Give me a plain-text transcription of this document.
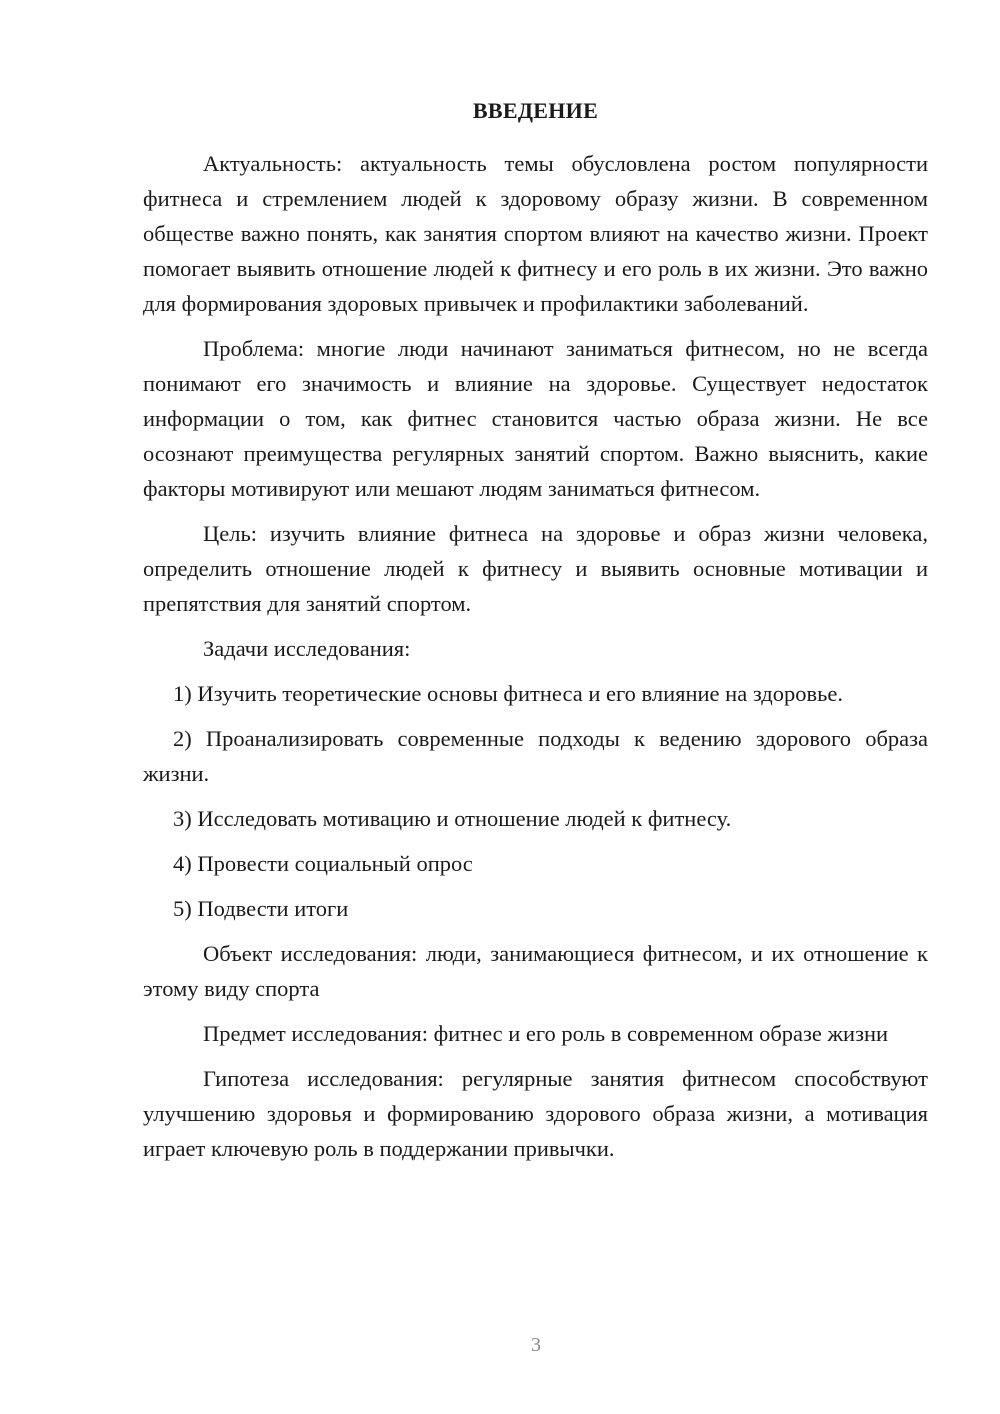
ВВЕДЕНИЕ

Актуальность: актуальность темы обусловлена ростом популярности фитнеса и стремлением людей к здоровому образу жизни. В современном обществе важно понять, как занятия спортом влияют на качество жизни. Проект помогает выявить отношение людей к фитнесу и его роль в их жизни. Это важно для формирования здоровых привычек и профилактики заболеваний.

Проблема: многие люди начинают заниматься фитнесом, но не всегда понимают его значимость и влияние на здоровье. Существует недостаток информации о том, как фитнес становится частью образа жизни. Не все осознают преимущества регулярных занятий спортом. Важно выяснить, какие факторы мотивируют или мешают людям заниматься фитнесом.

Цель: изучить влияние фитнеса на здоровье и образ жизни человека, определить отношение людей к фитнесу и выявить основные мотивации и препятствия для занятий спортом.

Задачи исследования:

1) Изучить теоретические основы фитнеса и его влияние на здоровье.

2) Проанализировать современные подходы к ведению здорового образа жизни.

3) Исследовать мотивацию и отношение людей к фитнесу.

4) Провести социальный опрос

5) Подвести итоги

Объект исследования: люди, занимающиеся фитнесом, и их отношение к этому виду спорта

Предмет исследования: фитнес и его роль в современном образе жизни

Гипотеза исследования: регулярные занятия фитнесом способствуют улучшению здоровья и формированию здорового образа жизни, а мотивация играет ключевую роль в поддержании привычки.

3
